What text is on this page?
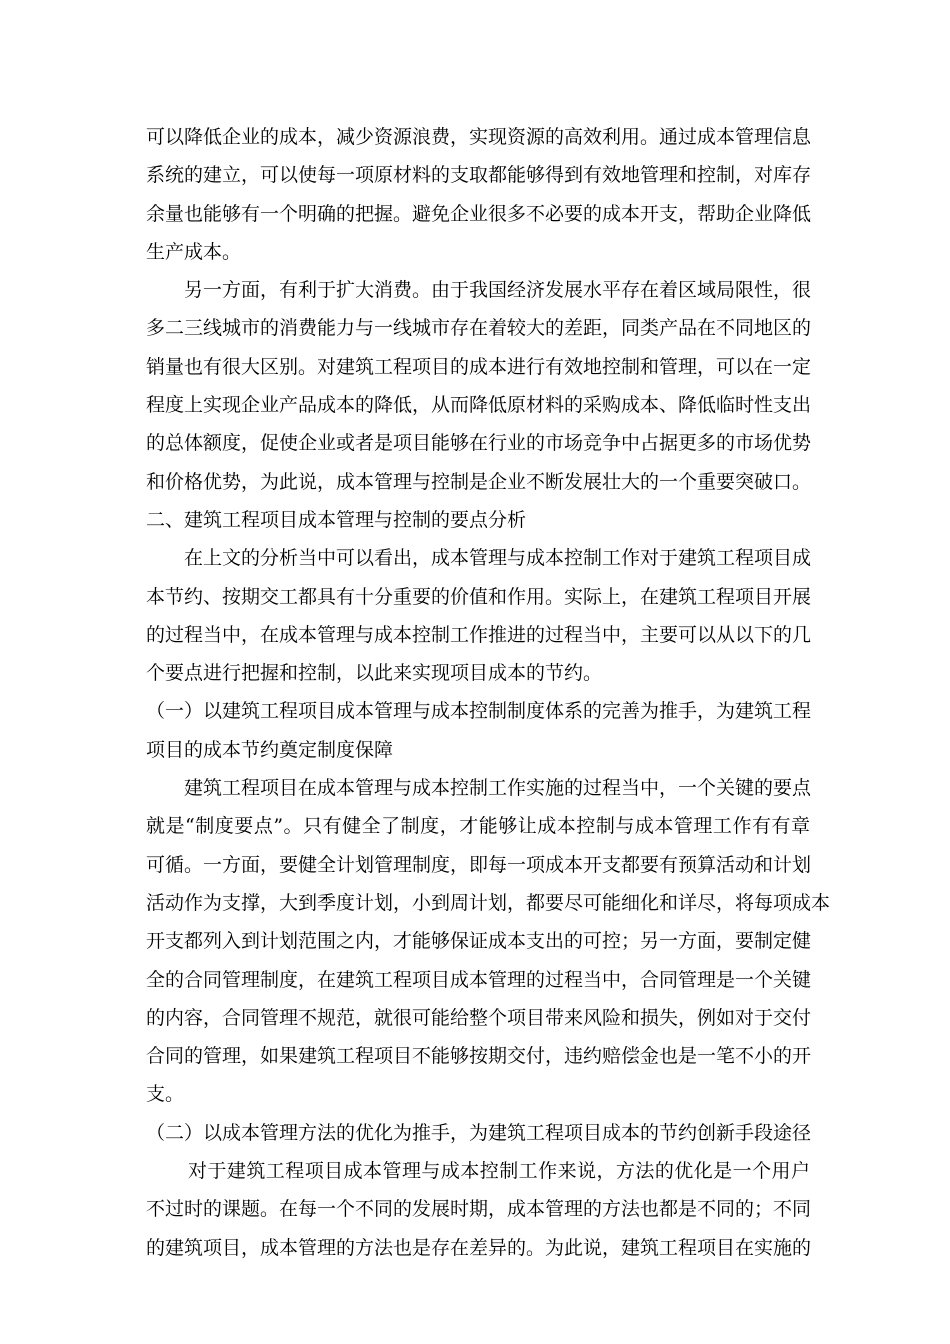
可以降低企业的成本，减少资源浪费，实现资源的高效利用。通过成本管理信息
系统的建立，可以使每一项原材料的支取都能够得到有效地管理和控制，对库存
余量也能够有一个明确的把握。避免企业很多不必要的成本开支，帮助企业降低
生产成本。
另一方面，有利于扩大消费。由于我国经济发展水平存在着区域局限性，很
多二三线城市的消费能力与一线城市存在着较大的差距，同类产品在不同地区的
销量也有很大区别。对建筑工程项目的成本进行有效地控制和管理，可以在一定
程度上实现企业产品成本的降低，从而降低原材料的采购成本、降低临时性支出
的总体额度，促使企业或者是项目能够在行业的市场竞争中占据更多的市场优势
和价格优势，为此说，成本管理与控制是企业不断发展壮大的一个重要突破口。
二、建筑工程项目成本管理与控制的要点分析
在上文的分析当中可以看出，成本管理与成本控制工作对于建筑工程项目成
本节约、按期交工都具有十分重要的价值和作用。实际上，在建筑工程项目开展
的过程当中，在成本管理与成本控制工作推进的过程当中，主要可以从以下的几
个要点进行把握和控制，以此来实现项目成本的节约。
（一）以建筑工程项目成本管理与成本控制制度体系的完善为推手，为建筑工程
项目的成本节约奠定制度保障
建筑工程项目在成本管理与成本控制工作实施的过程当中，一个关键的要点
就是“制度要点”。只有健全了制度，才能够让成本控制与成本管理工作有有章
可循。一方面，要健全计划管理制度，即每一项成本开支都要有预算活动和计划
活动作为支撑，大到季度计划，小到周计划，都要尽可能细化和详尽，将每项成本
开支都列入到计划范围之内，才能够保证成本支出的可控；另一方面，要制定健
全的合同管理制度，在建筑工程项目成本管理的过程当中，合同管理是一个关键
的内容，合同管理不规范，就很可能给整个项目带来风险和损失，例如对于交付
合同的管理，如果建筑工程项目不能够按期交付，违约赔偿金也是一笔不小的开
支。
（二）以成本管理方法的优化为推手，为建筑工程项目成本的节约创新手段途径
对于建筑工程项目成本管理与成本控制工作来说，方法的优化是一个用户
不过时的课题。在每一个不同的发展时期，成本管理的方法也都是不同的；不同
的建筑项目，成本管理的方法也是存在差异的。为此说，建筑工程项目在实施的
